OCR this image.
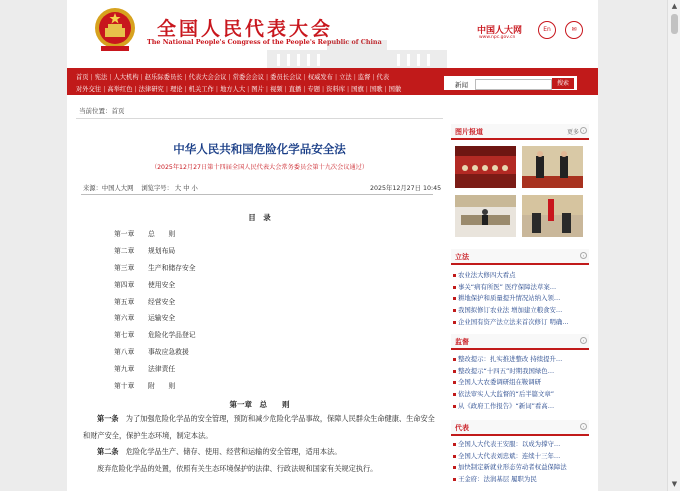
全国人民代表大会
The National People's Congress of the People's Republic of China
中国人大网
www.npc.gov.cn
En	✉
首页 | 宪法 | 人大机构 | 赵乐际委员长 | 代表大会会议 | 常委会会议 | 委员长会议 | 权威发布 | 立法 | 监督 | 代表
对外交往 | 高举红色 | 法律研究 | 理论 | 机关工作 | 地方人大 | 图片 | 视频 | 直播 | 专题 | 资料库 | 国旗 | 国歌 | 国徽
新闻	搜索
当前位置：首页
中华人民共和国危险化学品安全法
（2025年12月27日第十四届全国人民代表大会常务委员会第十九次会议通过）
来源：中国人大网 浏览字号： 大 中 小	2025年12月27日 10:45
目　录
第一章 总　　则
第二章 规划布局
第三章 生产和储存安全
第四章 使用安全
第五章 经营安全
第六章 运输安全
第七章 危险化学品登记
第八章 事故应急救援
第九章 法律责任
第十章 附　　则
第一章　总　　则
第一条　为了加强危险化学品的安全管理，预防和减少危险化学品事故，保障人民群众生命健康、生命安全和财产安全，保护生态环境，制定本法。
第二条　危险化学品生产、储存、使用、经营和运输的安全管理，适用本法。
废弃危险化学品的处置，依照有关生态环境保护的法律、行政法规和国家有关规定执行。
图片报道	更多 ›
立法	›
农业法大修四大看点
事关“病有所医” 医疗保障法草案…
耕地保护和质量提升情况站纳入领…
我国拟修订农业法 增加建立粮食安…
企业国有资产法立法来首次修订 明确…
监督	›
整改提示：扎实推进整改 持续提升…
整改提示“十四五”时期我国绿色…
全国人大农委调研组在鞍调研
依法审实人大监督的“后半篇文章”
从《政府工作报告》“新词”看高…
代表	›
全国人大代表王安服：以成为撑守…
全国人大代表刘忠斌：连续十三年…
加快制定新就业形态劳动者权益保障法
王金府：法润基层 履职为民
▲
▼
